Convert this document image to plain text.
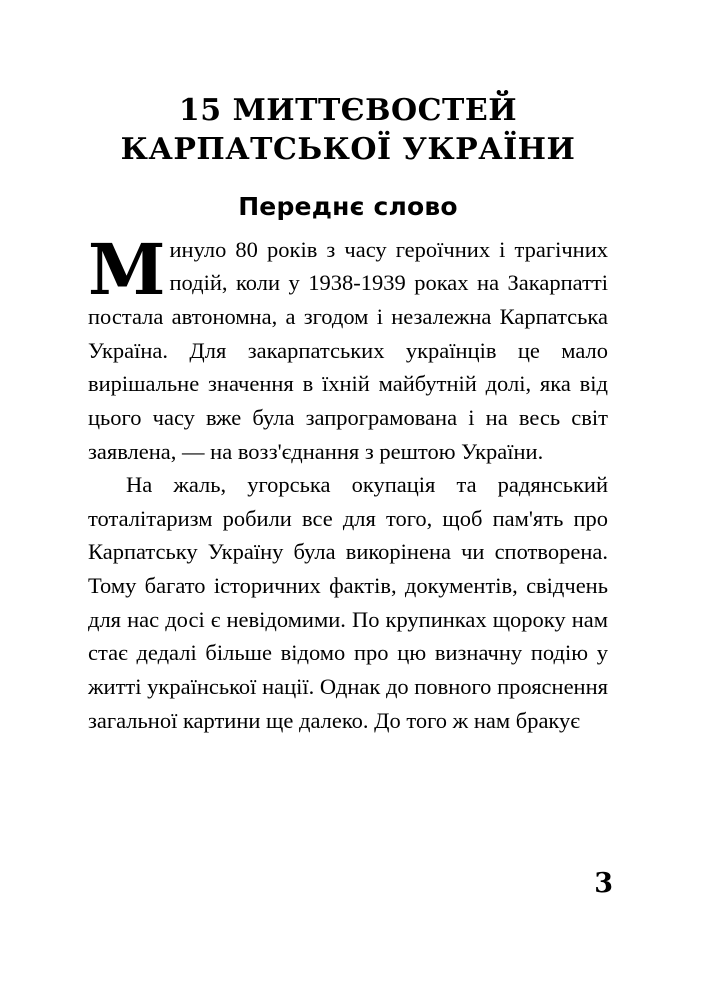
15 МИТТЄВОСТЕЙ
КАРПАТСЬКОЇ УКРАЇНИ
Переднє слово

Минуло 80 років з часу героїчних і трагічних подій, коли у 1938-1939 роках на Закарпатті постала автономна, а згодом і незалежна Карпатська Україна. Для закарпатських українців це мало вирішальне значення в їхній майбутній долі, яка від цього часу вже була запрограмована і на весь світ заявлена, — на возз'єднання з рештою України.

На жаль, угорська окупація та радянський тоталітаризм робили все для того, щоб пам'ять про Карпатську Україну була викорінена чи спотворена. Тому багато історичних фактів, документів, свідчень для нас досі є невідомими. По крупинках щороку нам стає дедалі більше відомо про цю визначну подію у житті української нації. Однак до повного прояснення загальної картини ще далеко. До того ж нам бракує

3
